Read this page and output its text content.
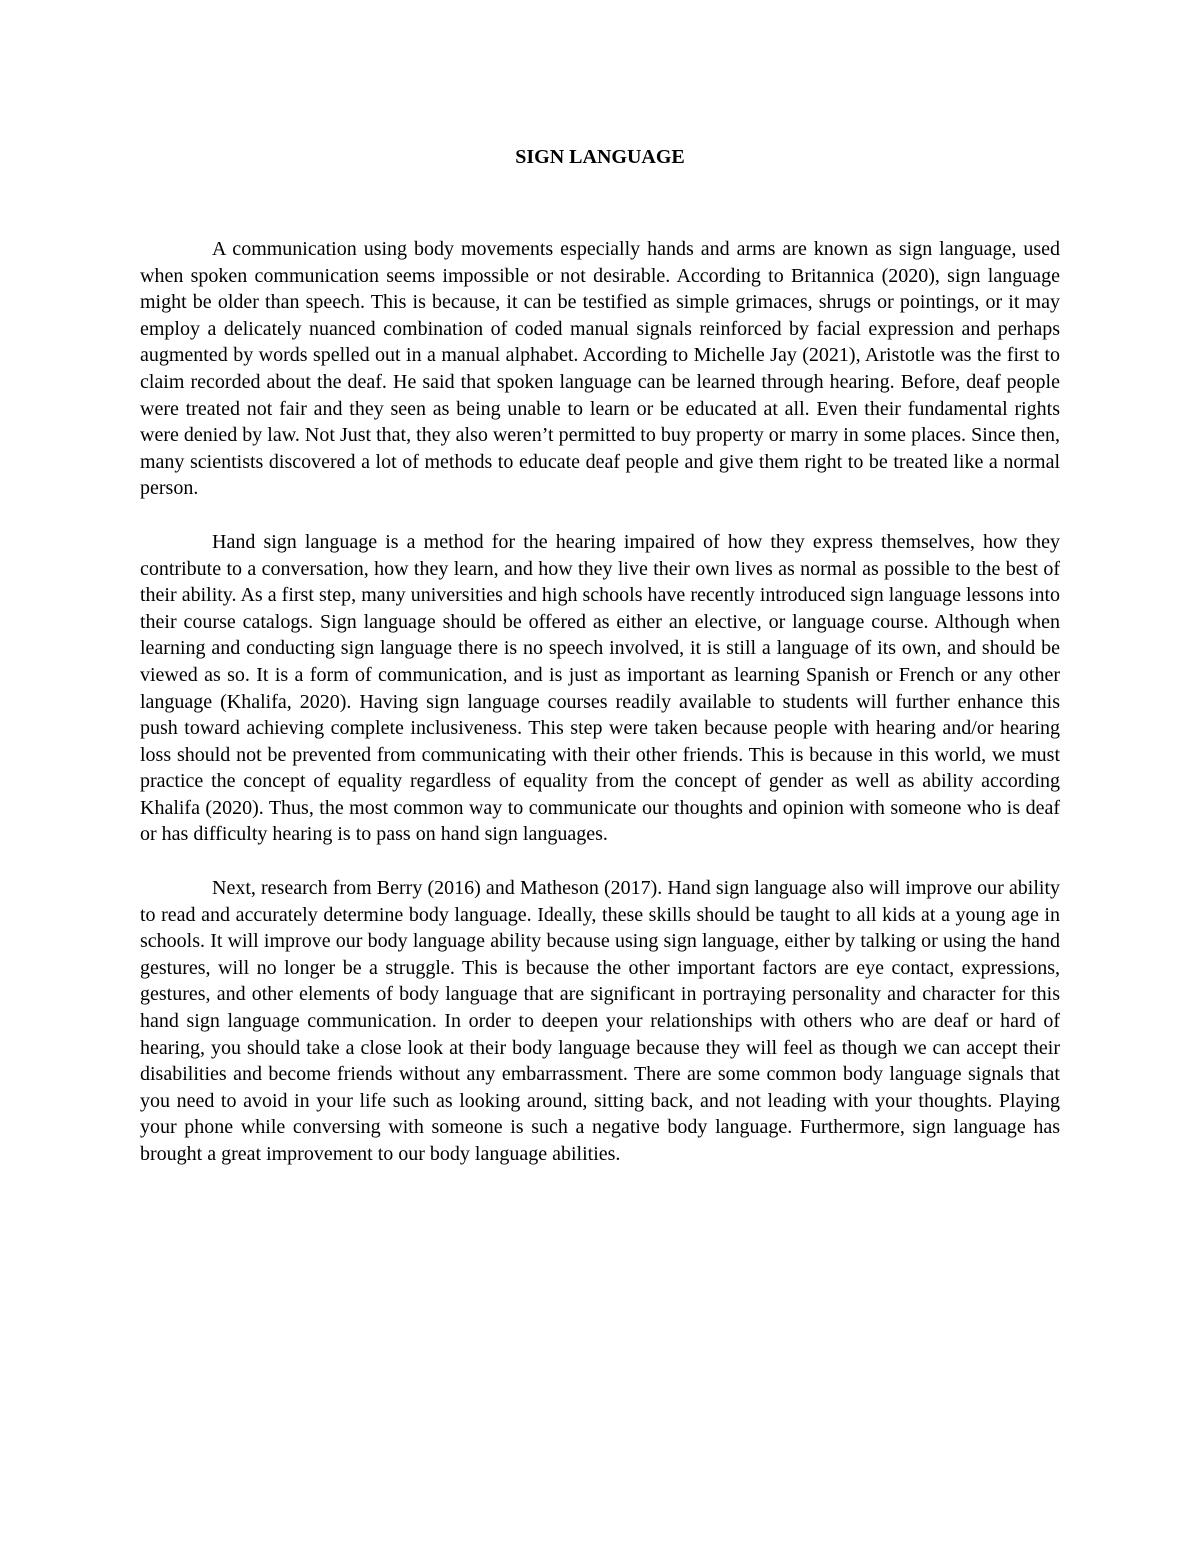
SIGN LANGUAGE

A communication using body movements especially hands and arms are known as sign language, used when spoken communication seems impossible or not desirable. According to Britannica (2020), sign language might be older than speech. This is because, it can be testified as simple grimaces, shrugs or pointings, or it may employ a delicately nuanced combination of coded manual signals reinforced by facial expression and perhaps augmented by words spelled out in a manual alphabet. According to Michelle Jay (2021), Aristotle was the first to claim recorded about the deaf. He said that spoken language can be learned through hearing. Before, deaf people were treated not fair and they seen as being unable to learn or be educated at all. Even their fundamental rights were denied by law. Not Just that, they also weren’t permitted to buy property or marry in some places. Since then, many scientists discovered a lot of methods to educate deaf people and give them right to be treated like a normal person.

Hand sign language is a method for the hearing impaired of how they express themselves, how they contribute to a conversation, how they learn, and how they live their own lives as normal as possible to the best of their ability. As a first step, many universities and high schools have recently introduced sign language lessons into their course catalogs. Sign language should be offered as either an elective, or language course. Although when learning and conducting sign language there is no speech involved, it is still a language of its own, and should be viewed as so. It is a form of communication, and is just as important as learning Spanish or French or any other language (Khalifa, 2020). Having sign language courses readily available to students will further enhance this push toward achieving complete inclusiveness. This step were taken because people with hearing and/or hearing loss should not be prevented from communicating with their other friends. This is because in this world, we must practice the concept of equality regardless of equality from the concept of gender as well as ability according Khalifa (2020). Thus, the most common way to communicate our thoughts and opinion with someone who is deaf or has difficulty hearing is to pass on hand sign languages.

Next, research from Berry (2016) and Matheson (2017). Hand sign language also will improve our ability to read and accurately determine body language. Ideally, these skills should be taught to all kids at a young age in schools. It will improve our body language ability because using sign language, either by talking or using the hand gestures, will no longer be a struggle. This is because the other important factors are eye contact, expressions, gestures, and other elements of body language that are significant in portraying personality and character for this hand sign language communication. In order to deepen your relationships with others who are deaf or hard of hearing, you should take a close look at their body language because they will feel as though we can accept their disabilities and become friends without any embarrassment. There are some common body language signals that you need to avoid in your life such as looking around, sitting back, and not leading with your thoughts. Playing your phone while conversing with someone is such a negative body language. Furthermore, sign language has brought a great improvement to our body language abilities.
